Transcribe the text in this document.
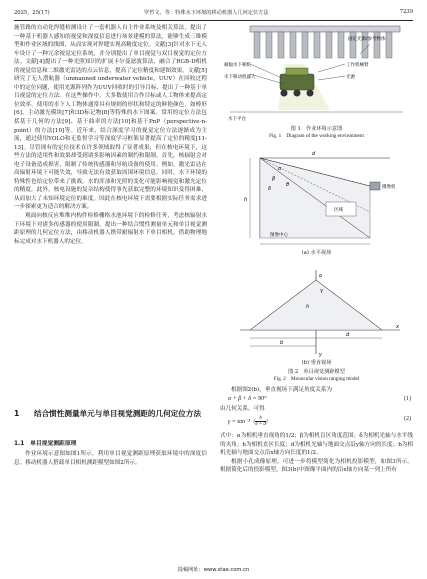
2025，25(17)	罗哲文，等：特殊水下环境的移动机器人几何定位方法	7239

施管路的自动化焊缝检测设计了一套机器人自主作业系统及相关算法，提出了一种基于机器人感知的视觉和深度信息进行场景建模的算法，能够生成三维模型和作业区域的线图，从而实现对焊缝实现高精度定位。文献[3]针对水下无人车设计了一种冗余视觉定位系统，并分别提出了单目视觉与双目视觉的定位方法。文献[4]提出了一种光照知识的扩展卡尔曼滤波算法，融合了RGB-D相机的视觉信息和二维激光雷达的点云信息，提高了定位精度和建图效果。文献[5]研究了无人潜航器（unmanned underwater vehicle，UUV）在回收过程中的定位问题，使用光源阵列作为UUV回收时的引导目标，提出了一种基于单目视觉的定位方法。在这些操作中，大多数使用合作目标或人工物体来提高定位效率。使用的水下人工物体通常具有规则的形状和特定的鲜艳颜色，如棒形[6]、主动激光模块[7]和3D标记物[8]等特殊的水下图案。常用的定位方法包括基于几何的方法[9]、基于曲率的方法[10]和基于PnP（perspective-n-point）的方法[10]等。近年来，结合深度学习的视觉定位方法逐渐成为主流，通过使用YOLO和无监督学习等深度学习框架显著提高了定位的精度[11-13]。尽管现有的定位技术在许多领域取得了显著成果，但在核电环境下，这些方法的适用性和效果却受到诸多影响因素的制约和限制。首先，核辐射会对电子设备造成损害，限制了传统传感器和导航设备的使用。例如，激光雷达在高辐射环境下可能失效，导致无法有效获取周围环境信息。同时，水下环境的特殊性也给定位带来了挑战，水的浑浊和光照的变化可能影响视觉和激光定位的精度。此外，核电设施的复杂结构使得事先获取完整的环境知识变得困难，从而加大了未知环境定位的难度。因此在核电环境下需要根据实际任务需求进一步探索更为适合的解决方案。

观面向核反应堆堆内构件检修栅格水池环境下的检修任务，考虑核辐射水下环境下对诸多传感器的使用限制，提出一种结合惯性测量单元和单目视觉测距原理的几何定位方法，由移动机器人携带耐辐射水下单目相机，借助物理地标完成对水下机器人的定位。

1 结合惯性测量单元与单目视觉测距的几何定位方法
1.1　单目视觉测距原理

作业环境示意图如图1所示。利用单目视觉测距原理获取环境中的深度信息。移动机器人搭载单目相机测距模型如图2所示。

耐辐水下相机
水下移动机器人
工作机械臂
光源
固定光源/参考物体
水下平台
图 1　作业环境示意图
Fig. 1　Diagram of the working environment
h
d
α
β
δ
θ
区域
摄像机
图像中心
(a) 水平视场
o
γ
b
y
d
h
x
(b) 垂直视场
图 2　单目视觉测距模型
Fig. 2　Monocular vision ranging model

根据图2(b)，垂直视场下满足角度关系为

α + β + δ = 90°	(1)

由几何关系，可得

γ = tan⁻¹ ( $\frac{b}{\delta + d}$ )
(2)

式中：α为相机垂直视角的1/2；β为相机盲区角度范围；δ为相机光轴与水平线的夹角；h为相机直区长度；d为相机光轴与地面交点沿y轴方向的长度；b为相机光轴与地面交点沿x轴方向长度的1/2。

根据小孔成像原理，可进一步将模型简化为相机投影模型，如图3所示。根据简化后的投影模型，图3(b)中图像平面内的沿x轴方向某一列上所有

投稿网址：www.stae.com.cn
